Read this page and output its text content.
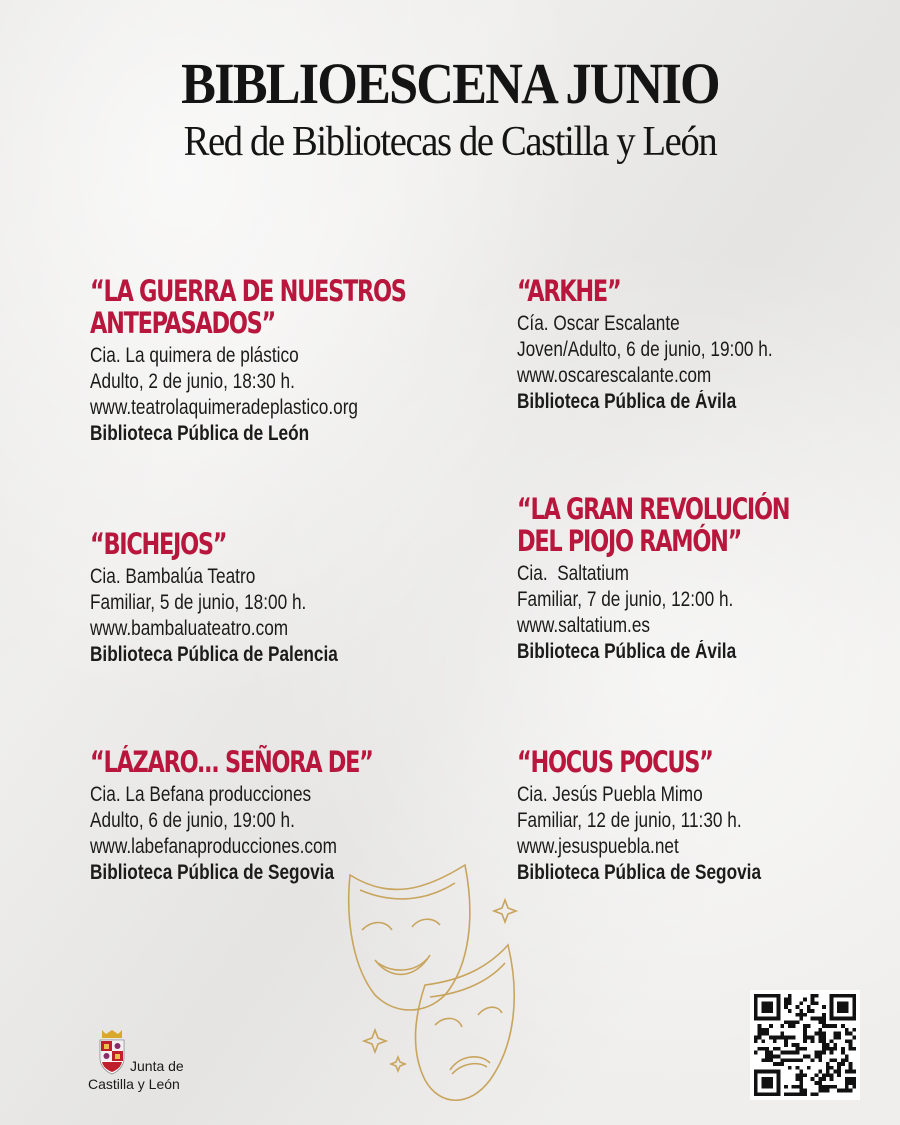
BIBLIOESCENA JUNIO
Red de Bibliotecas de Castilla y León
“LA GUERRA DE NUESTROS ANTEPASADOS”
Cia. La quimera de plástico
Adulto, 2 de junio, 18:30 h.
www.teatrolaquimeradeplastico.org
Biblioteca Pública de León
“ARKHE”
Cía. Oscar Escalante
Joven/Adulto, 6 de junio, 19:00 h.
www.oscarescalante.com
Biblioteca Pública de Ávila
“BICHEJOS”
Cia. Bambalúa Teatro
Familiar, 5 de junio, 18:00 h.
www.bambaluateatro.com
Biblioteca Pública de Palencia
“LA GRAN REVOLUCIÓN DEL PIOJO RAMÓN”
Cia.  Saltatium
Familiar, 7 de junio, 12:00 h.
www.saltatium.es
Biblioteca Pública de Ávila
“LÁZARO... SEÑORA DE”
Cia. La Befana producciones
Adulto, 6 de junio, 19:00 h.
www.labefanaproducciones.com
Biblioteca Pública de Segovia
“HOCUS POCUS”
Cia. Jesús Puebla Mimo
Familiar, 12 de junio, 11:30 h.
www.jesuspuebla.net
Biblioteca Pública de Segovia
Junta de
Castilla y León
